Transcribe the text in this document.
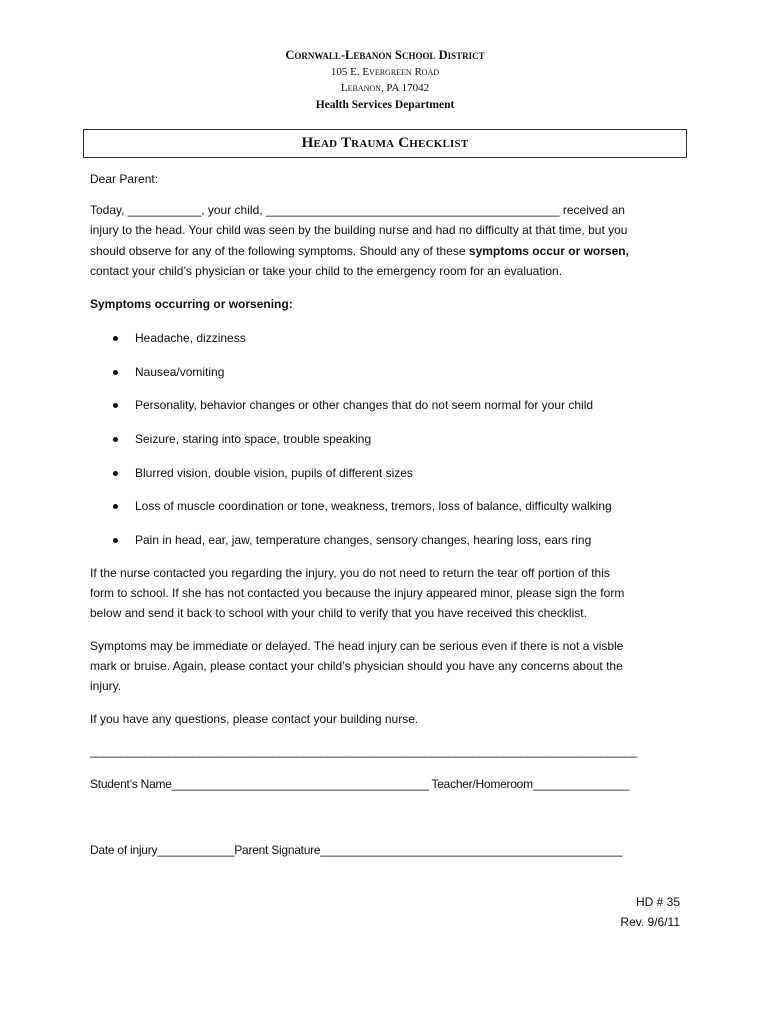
Cornwall-Lebanon School District
105 E. Evergreen Road
Lebanon, PA 17042
Health Services Department
Head Trauma Checklist
Dear Parent:
Today, ___________, your child, ____________________________________________ received an
injury to the head. Your child was seen by the building nurse and had no difficulty at that time, but you
should observe for any of the following symptoms. Should any of these symptoms occur or worsen,
contact your child’s physician or take your child to the emergency room for an evaluation.
Symptoms occurring or worsening:
Headache, dizziness
Nausea/vomiting
Personality, behavior changes or other changes that do not seem normal for your child
Seizure, staring into space, trouble speaking
Blurred vision, double vision, pupils of different sizes
Loss of muscle coordination or tone, weakness, tremors, loss of balance, difficulty walking
Pain in head, ear, jaw, temperature changes, sensory changes, hearing loss, ears ring
If the nurse contacted you regarding the injury, you do not need to return the tear off portion of this
form to school. If she has not contacted you because the injury appeared minor, please sign the form
below and send it back to school with your child to verify that you have received this checklist.
Symptoms may be immediate or delayed. The head injury can be serious even if there is not a visble
mark or bruise. Again, please contact your child’s physician should you have any concerns about the
injury.
If you have any questions, please contact your building nurse.
__________________________________________________________________________________________
Student’s Name________________________________________ Teacher/Homeroom_______________
Date of injury____________Parent Signature_______________________________________________
HD # 35
Rev. 9/6/11
